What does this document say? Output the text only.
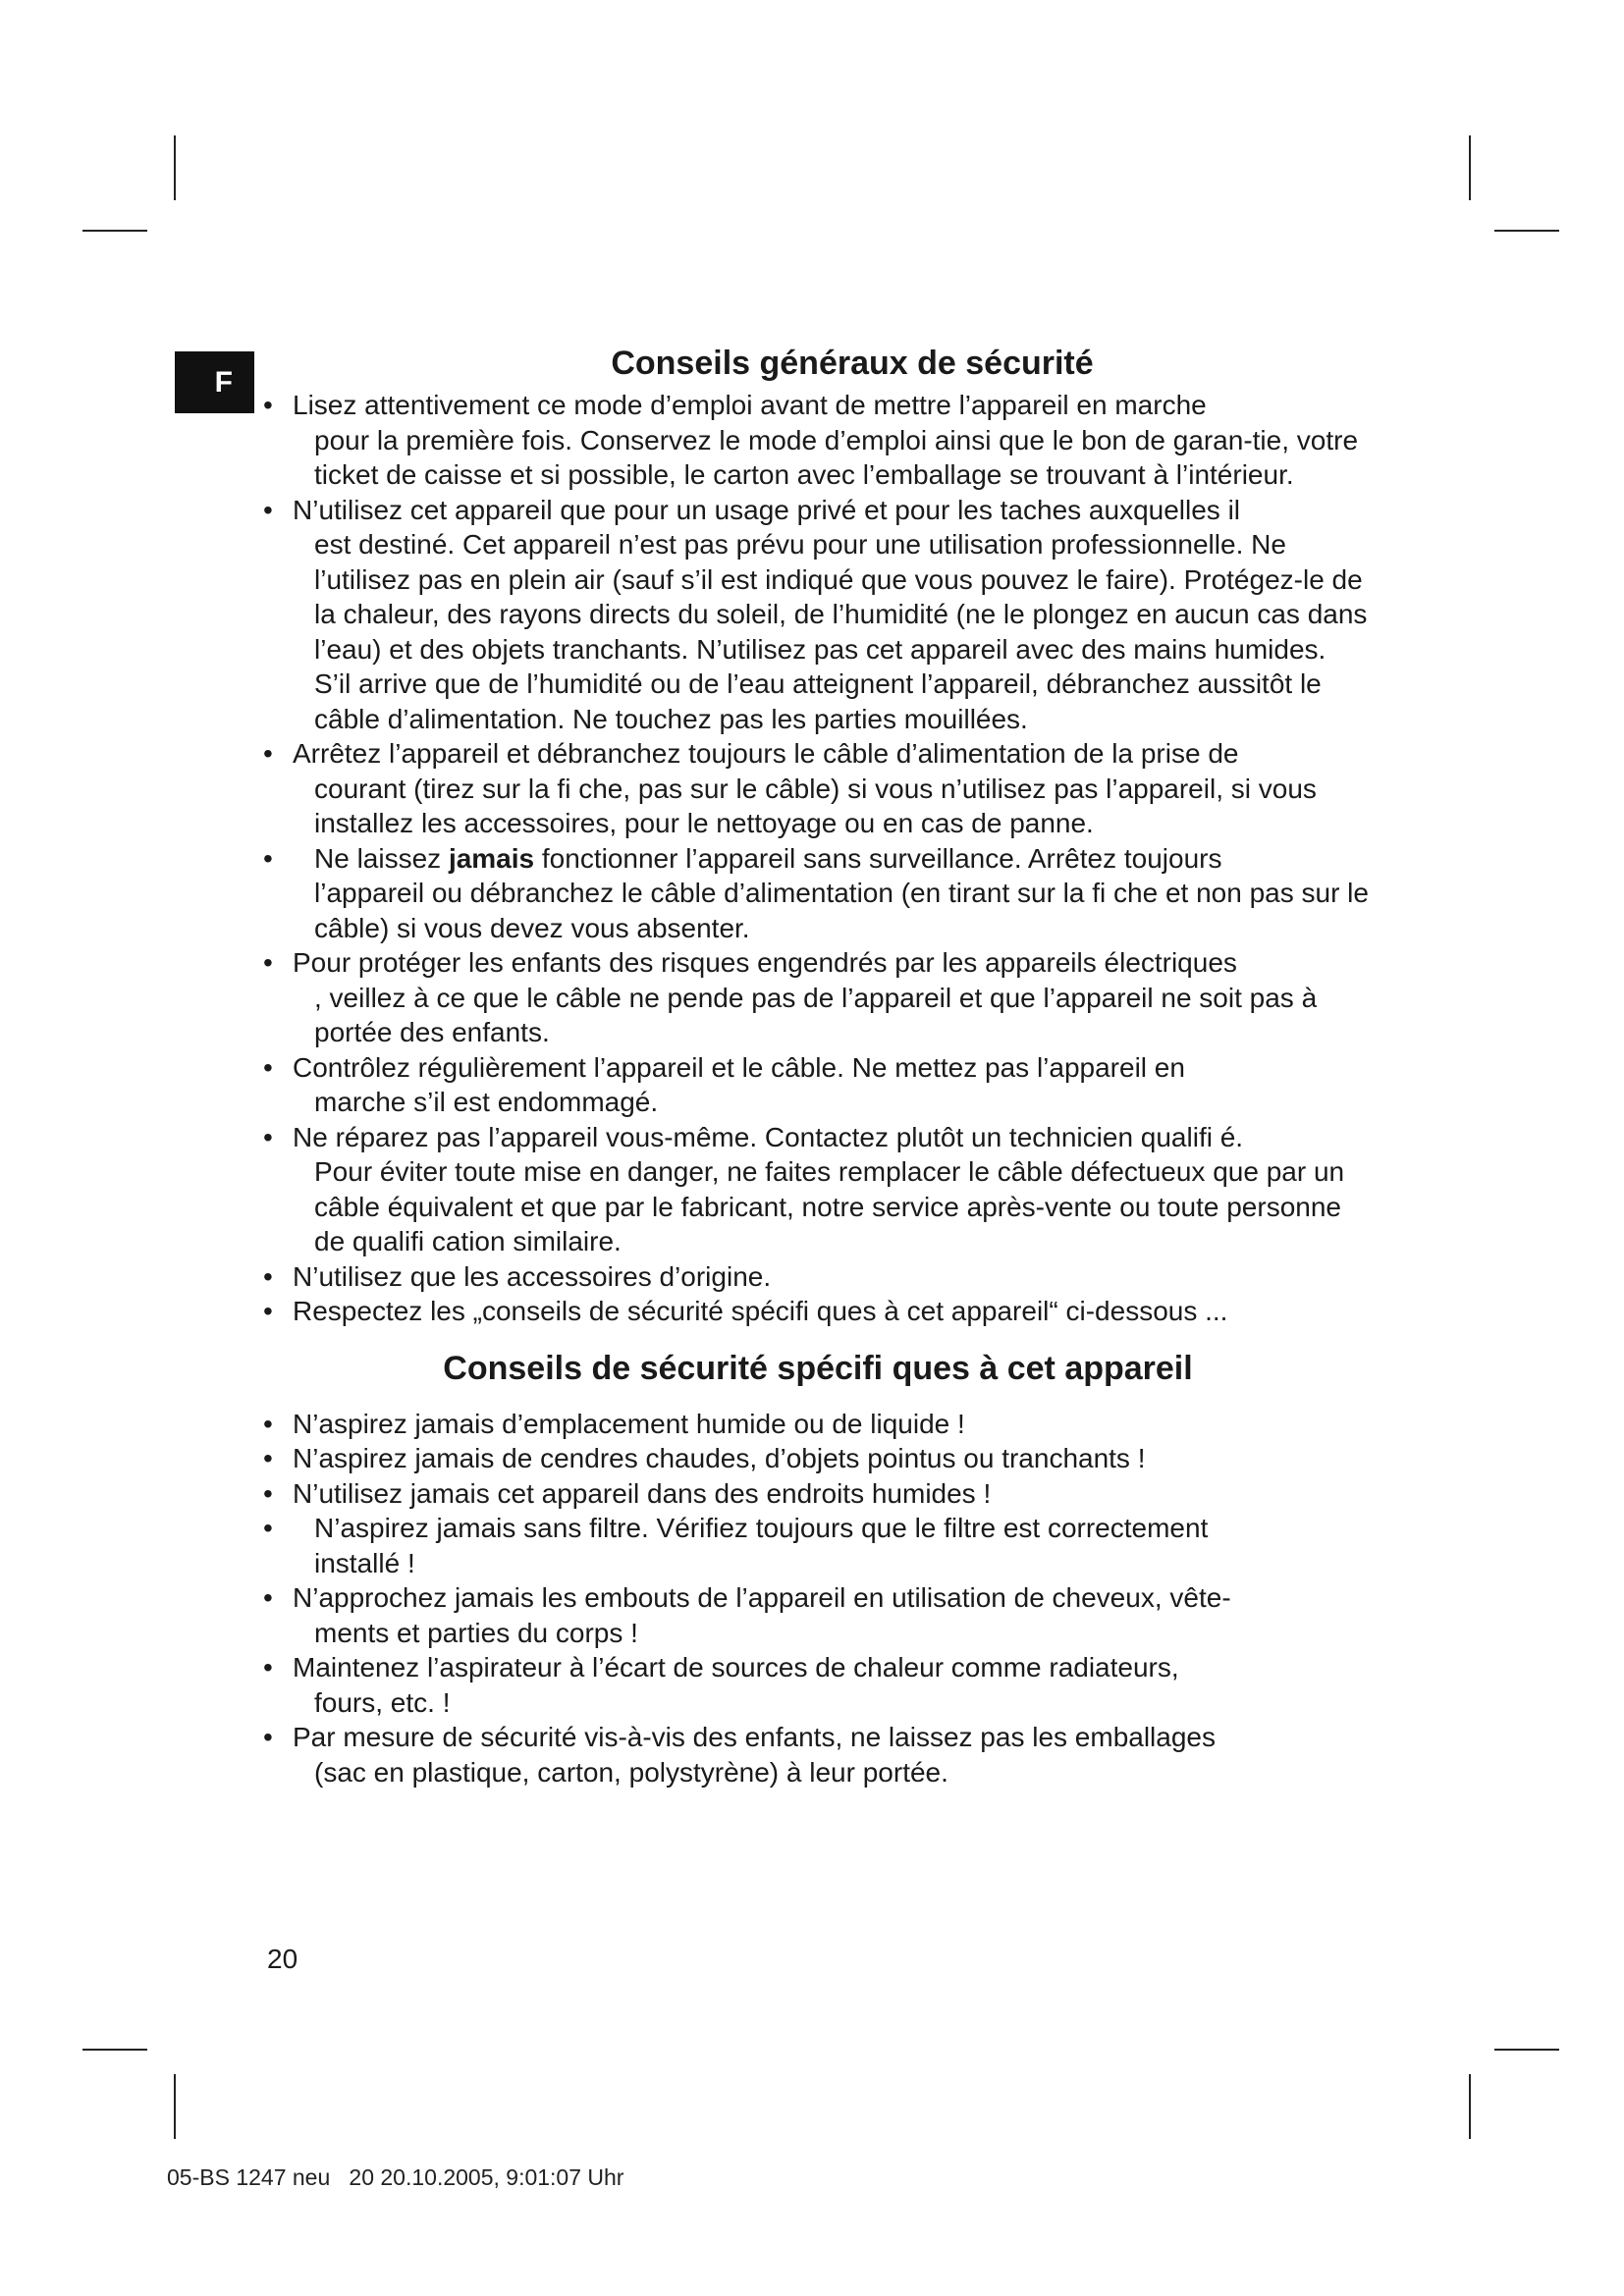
F
Conseils généraux de sécurité
• Lisez attentivement ce mode d’emploi avant de mettre l’appareil en marche
pour la première fois. Conservez le mode d’emploi ainsi que le bon de garan-tie, votre ticket de caisse et si possible, le carton avec l’emballage se trouvant à l’intérieur.
• N’utilisez cet appareil que pour un usage privé et pour les taches auxquelles il
est destiné. Cet appareil n’est pas prévu pour une utilisation professionnelle. Ne l’utilisez pas en plein air (sauf s’il est indiqué que vous pouvez le faire). Protégez-le de la chaleur, des rayons directs du soleil, de l’humidité (ne le plongez en aucun cas dans l’eau) et des objets tranchants. N’utilisez pas cet appareil avec des mains humides. S’il arrive que de l’humidité ou de l’eau atteignent l’appareil, débranchez aussitôt le câble d’alimentation. Ne touchez pas les parties mouillées.
• Arrêtez l’appareil et débranchez toujours le câble d’alimentation de la prise de
courant (tirez sur la fi che, pas sur le câble) si vous n’utilisez pas l’appareil, si vous installez les accessoires, pour le nettoyage ou en cas de panne.
• Ne laissez jamais fonctionner l’appareil sans surveillance. Arrêtez toujours
l’appareil ou débranchez le câble d’alimentation (en tirant sur la fi che et non pas sur le câble) si vous devez vous absenter.
• Pour protéger les enfants des risques engendrés par les appareils électriques
, veillez à ce que le câble ne pende pas de l’appareil et que l’appareil ne soit pas à portée des enfants.
• Contrôlez régulièrement l’appareil et le câble. Ne mettez pas l’appareil en
marche s’il est endommagé.
• Ne réparez pas l’appareil vous-même. Contactez plutôt un technicien qualifi é.
Pour éviter toute mise en danger, ne faites remplacer le câble défectueux que par un câble équivalent et que par le fabricant, notre service après-vente ou toute personne de qualifi cation similaire.
• N’utilisez que les accessoires d’origine.
• Respectez les „conseils de sécurité spécifi ques à cet appareil“ ci-dessous ...
Conseils de sécurité spécifi ques à cet appareil
• N’aspirez jamais d’emplacement humide ou de liquide !
• N’aspirez jamais de cendres chaudes, d’objets pointus ou tranchants !
• N’utilisez jamais cet appareil dans des endroits humides !
• N’aspirez jamais sans filtre. Vérifiez toujours que le filtre est correctement
installé !
• N’approchez jamais les embouts de l’appareil en utilisation de cheveux, vête-
ments et parties du corps !
• Maintenez l’aspirateur à l’écart de sources de chaleur comme radiateurs,
fours, etc. !
• Par mesure de sécurité vis-à-vis des enfants, ne laissez pas les emballages
(sac en plastique, carton, polystyrène) à leur portée.
20
05-BS 1247 neu   20 20.10.2005, 9:01:07 Uhr
